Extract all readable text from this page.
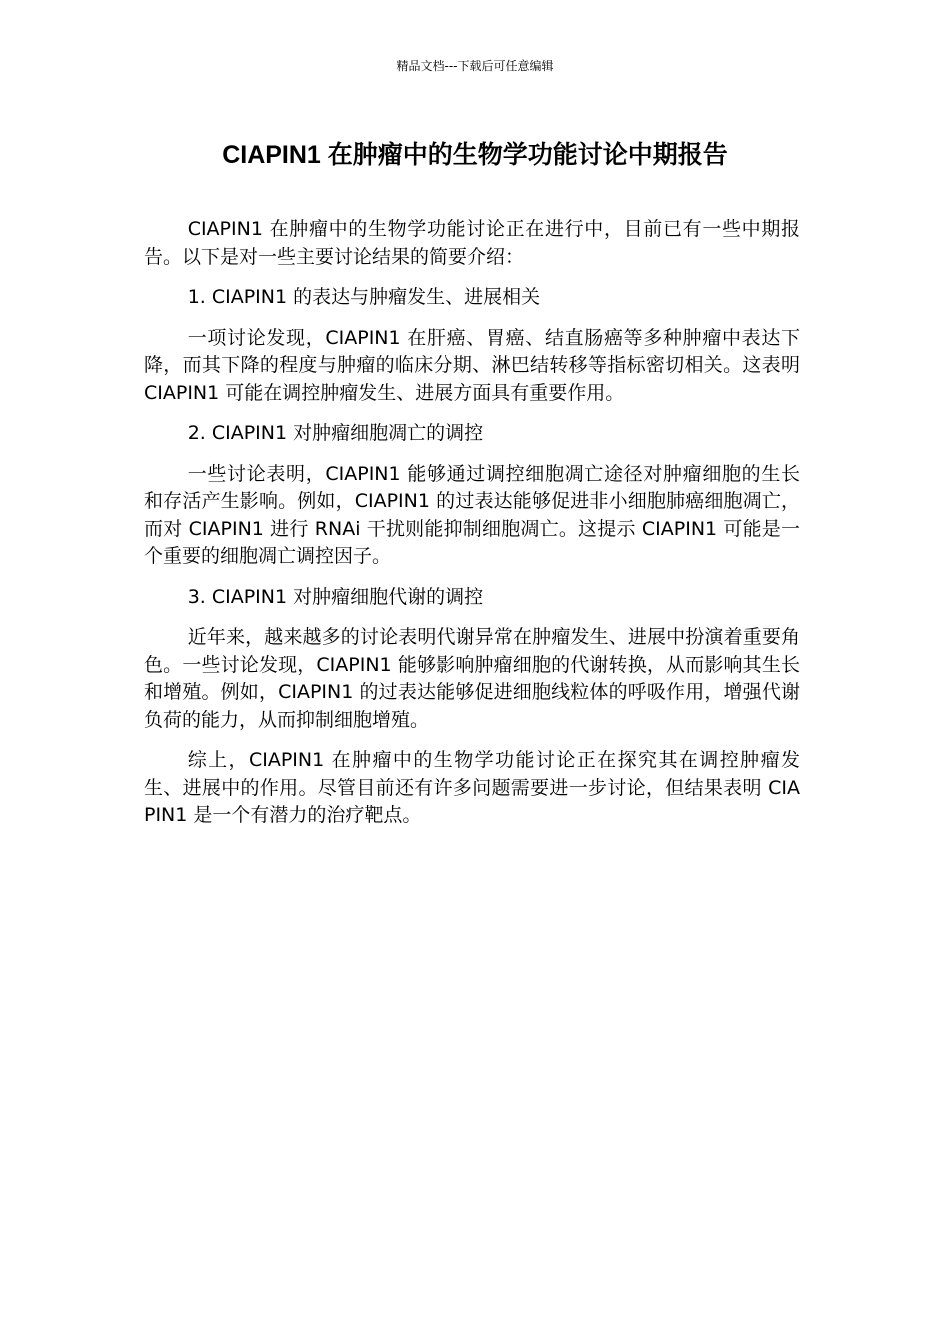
精品文档---下载后可任意编辑
CIAPIN1 在肿瘤中的生物学功能讨论中期报告

CIAPIN1 在肿瘤中的生物学功能讨论正在进行中，目前已有一些中期报告。以下是对一些主要讨论结果的简要介绍：

1. CIAPIN1 的表达与肿瘤发生、进展相关

一项讨论发现，CIAPIN1 在肝癌、胃癌、结直肠癌等多种肿瘤中表达下降，而其下降的程度与肿瘤的临床分期、淋巴结转移等指标密切相关。这表明 CIAPIN1 可能在调控肿瘤发生、进展方面具有重要作用。

2. CIAPIN1 对肿瘤细胞凋亡的调控

一些讨论表明，CIAPIN1 能够通过调控细胞凋亡途径对肿瘤细胞的生长和存活产生影响。例如，CIAPIN1 的过表达能够促进非小细胞肺癌细胞凋亡，而对 CIAPIN1 进行 RNAi 干扰则能抑制细胞凋亡。这提示 CIAPIN1 可能是一个重要的细胞凋亡调控因子。

3. CIAPIN1 对肿瘤细胞代谢的调控

近年来，越来越多的讨论表明代谢异常在肿瘤发生、进展中扮演着重要角色。一些讨论发现，CIAPIN1 能够影响肿瘤细胞的代谢转换，从而影响其生长和增殖。例如，CIAPIN1 的过表达能够促进细胞线粒体的呼吸作用，增强代谢负荷的能力，从而抑制细胞增殖。

综上，CIAPIN1 在肿瘤中的生物学功能讨论正在探究其在调控肿瘤发生、进展中的作用。尽管目前还有许多问题需要进一步讨论，但结果表明 CIAPIN1 是一个有潜力的治疗靶点。
